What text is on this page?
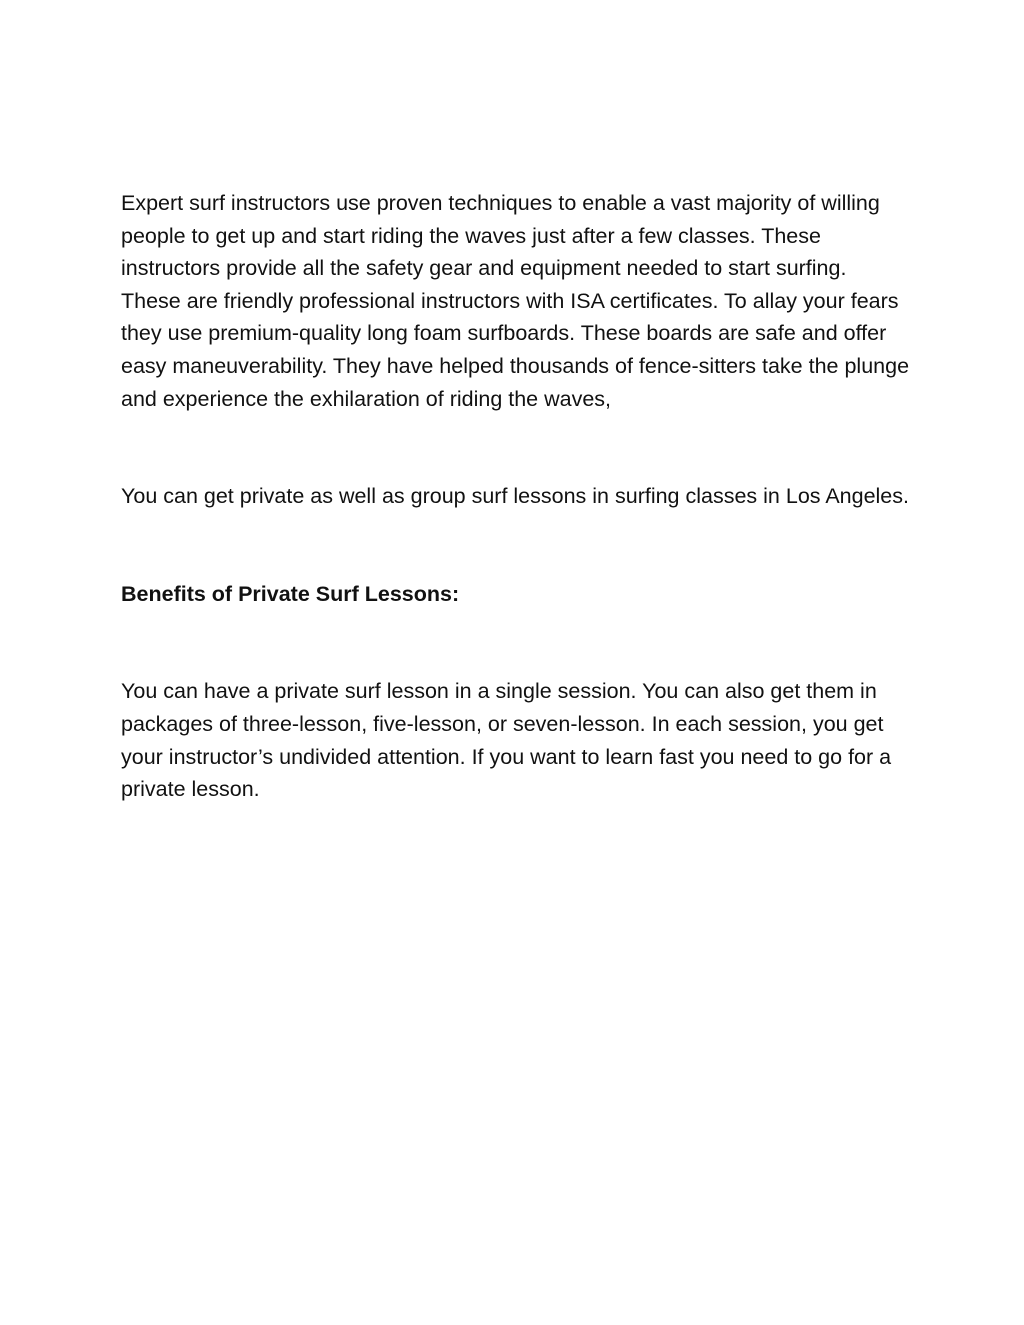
Expert surf instructors use proven techniques to enable a vast majority of willing people to get up and start riding the waves just after a few classes. These instructors provide all the safety gear and equipment needed to start surfing. These are friendly professional instructors with ISA certificates. To allay your fears they use premium-quality long foam surfboards. These boards are safe and offer easy maneuverability. They have helped thousands of fence-sitters take the plunge and experience the exhilaration of riding the waves,

You can get private as well as group surf lessons in surfing classes in Los Angeles.

Benefits of Private Surf Lessons:

You can have a private surf lesson in a single session. You can also get them in packages of three-lesson, five-lesson, or seven-lesson. In each session, you get your instructor’s undivided attention. If you want to learn fast you need to go for a private lesson.
